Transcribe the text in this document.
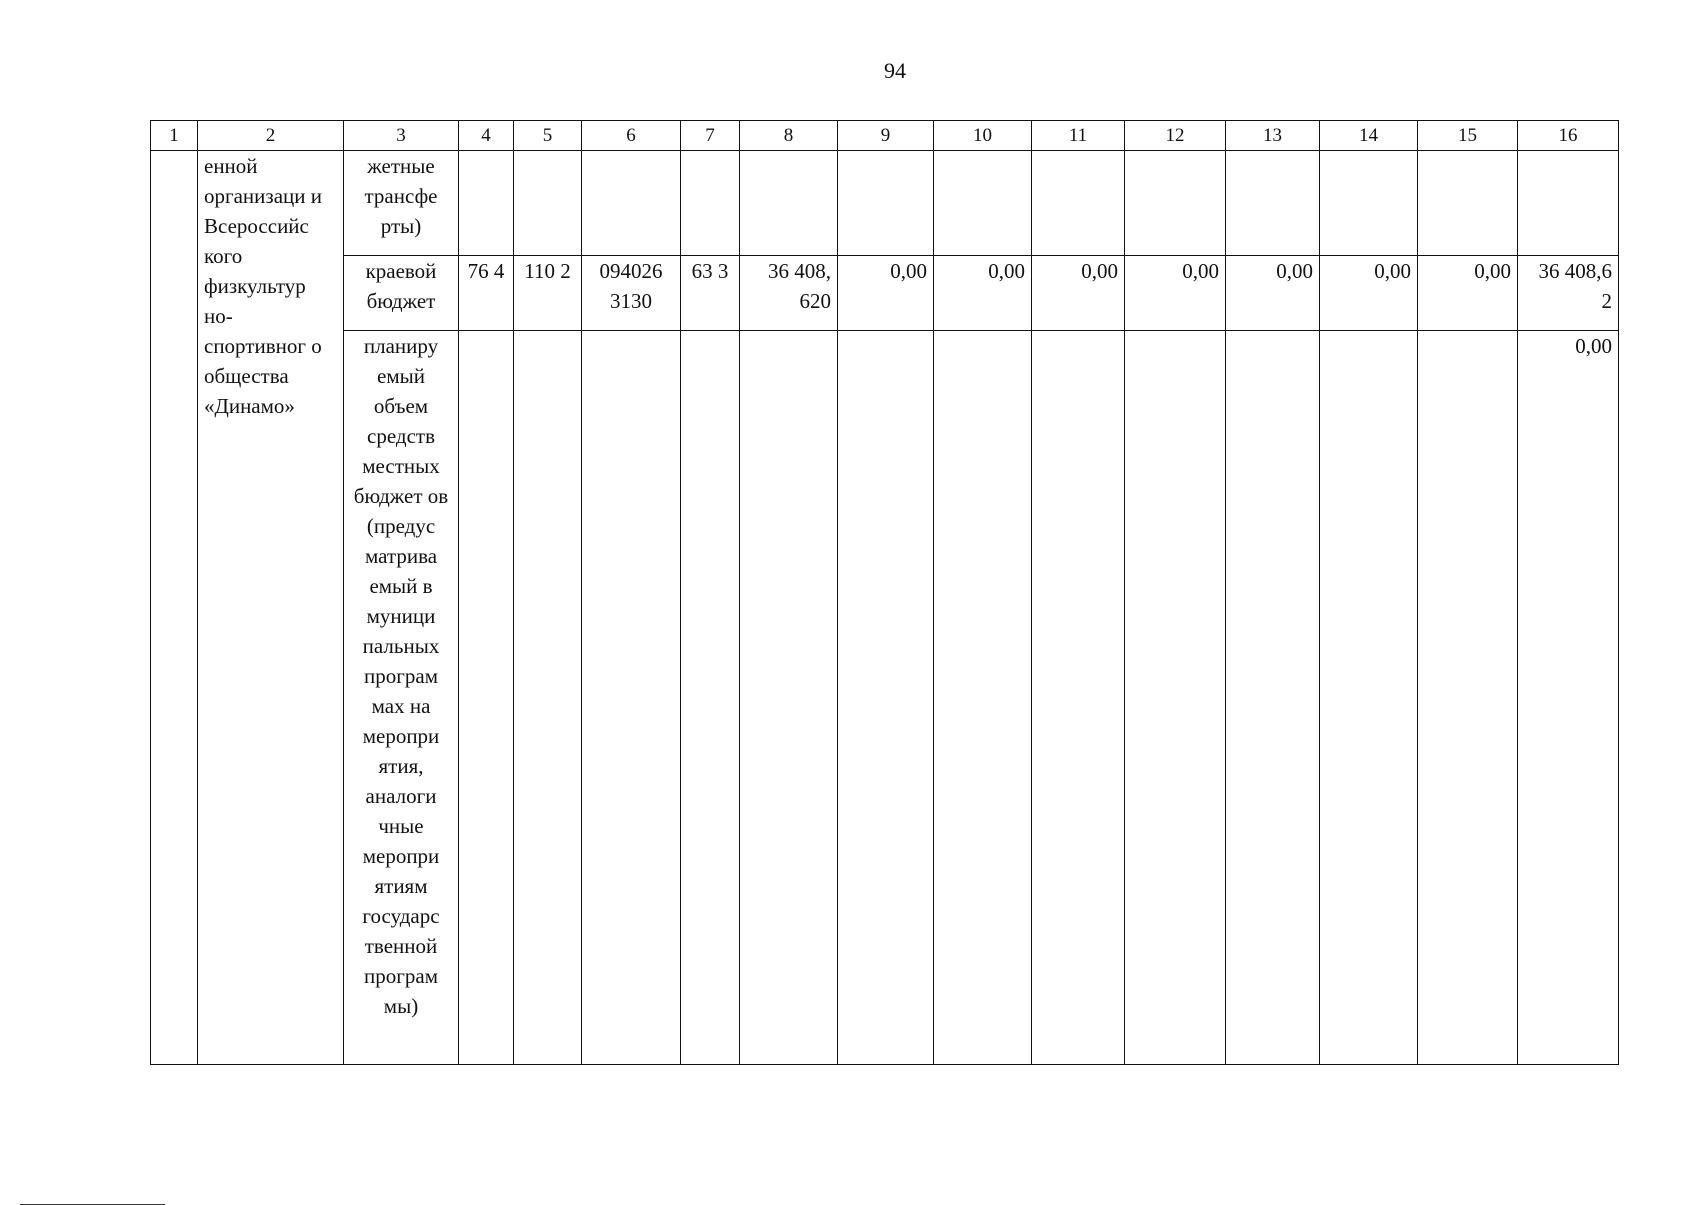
94
1	2	3	4	5	6	7	8	9	10	11	12	13	14	15	16
	енной организаци и Всероссийс кого физкультур но- спортивног о общества «Динамо»	жетные трансфе рты)													
		краевой бюджет	76 4	110 2	094026 3130	63 3	36 408, 620	0,00	0,00	0,00	0,00	0,00	0,00	0,00	36 408,6 2
		планиру емый объем средств местных бюджет ов (предус матрива емый в муници пальных програм мах на меропри ятия, аналоги чные меропри ятиям государс твенной програм мы)													0,00
